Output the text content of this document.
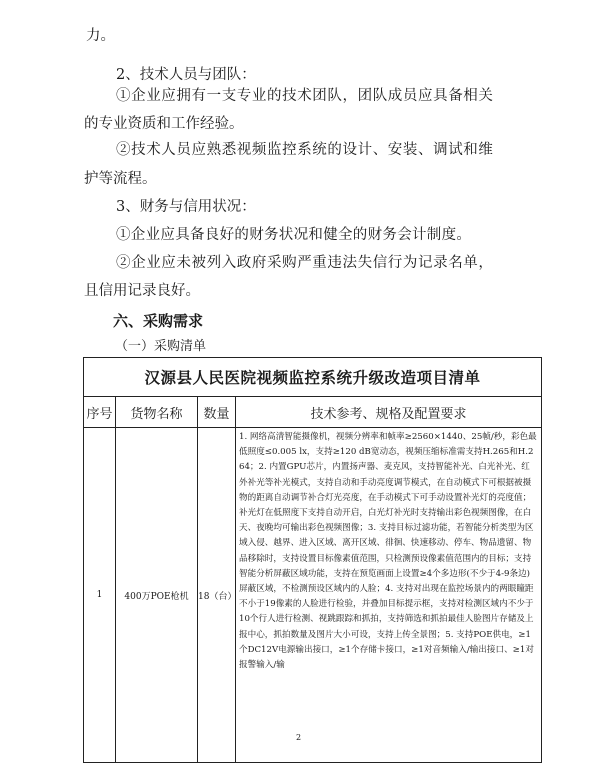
力。
2、技术人员与团队：
①企业应拥有一支专业的技术团队，团队成员应具备相关
的专业资质和工作经验。
②技术人员应熟悉视频监控系统的设计、安装、调试和维
护等流程。
3、财务与信用状况：
①企业应具备良好的财务状况和健全的财务会计制度。
②企业应未被列入政府采购严重违法失信行为记录名单，
且信用记录良好。
六、采购需求
（一）采购清单
汉源县人民医院视频监控系统升级改造项目清单			
序号	货物名称	数量	技术参考、规格及配置要求
1	400万POE枪机	18（台）	1. 网络高清智能摄像机，视频分辨率和帧率≥2560×1440、25帧/秒，彩色最低照度≤0.005 lx，支持≥120 dB宽动态，视频压缩标准需支持H.265和H.264；2. 内置GPU芯片，内置扬声器、麦克风，支持智能补光、白光补光、红外补光等补光模式，支持自动和手动亮度调节模式，在自动模式下可根据被摄物的距离自动调节补合灯光亮度，在手动模式下可手动设置补光灯的亮度值；补光灯在低照度下支持自动开启，白光灯补光时支持输出彩色视频图像，在白天、夜晚均可输出彩色视频图像；3. 支持目标过滤功能，若智能分析类型为区域入侵、越界、进入区域、离开区域、徘徊、快速移动、停车、物品遗留、物品移除时，支持设置目标像素值范围，只检测预设像素值范围内的目标；支持智能分析屏蔽区域功能，支持在预览画面上设置≥4个多边形(不少于4-9条边)屏蔽区域，不检测预设区域内的人脸；4. 支持对出现在监控场景内的两眼瞳距不小于19像素的人脸进行检验，并叠加目标提示框，支持对检测区域内不少于10个行人进行检测、视跳跟踪和抓拍，支持筛选和抓拍最佳人脸图片存储及上报中心，抓拍数量及图片大小可设，支持上传全景图；5. 支持POE供电，≥1个DC12V电源输出接口，≥1个存储卡接口，≥1对音频输入/输出接口、≥1对报警输入/输
2
